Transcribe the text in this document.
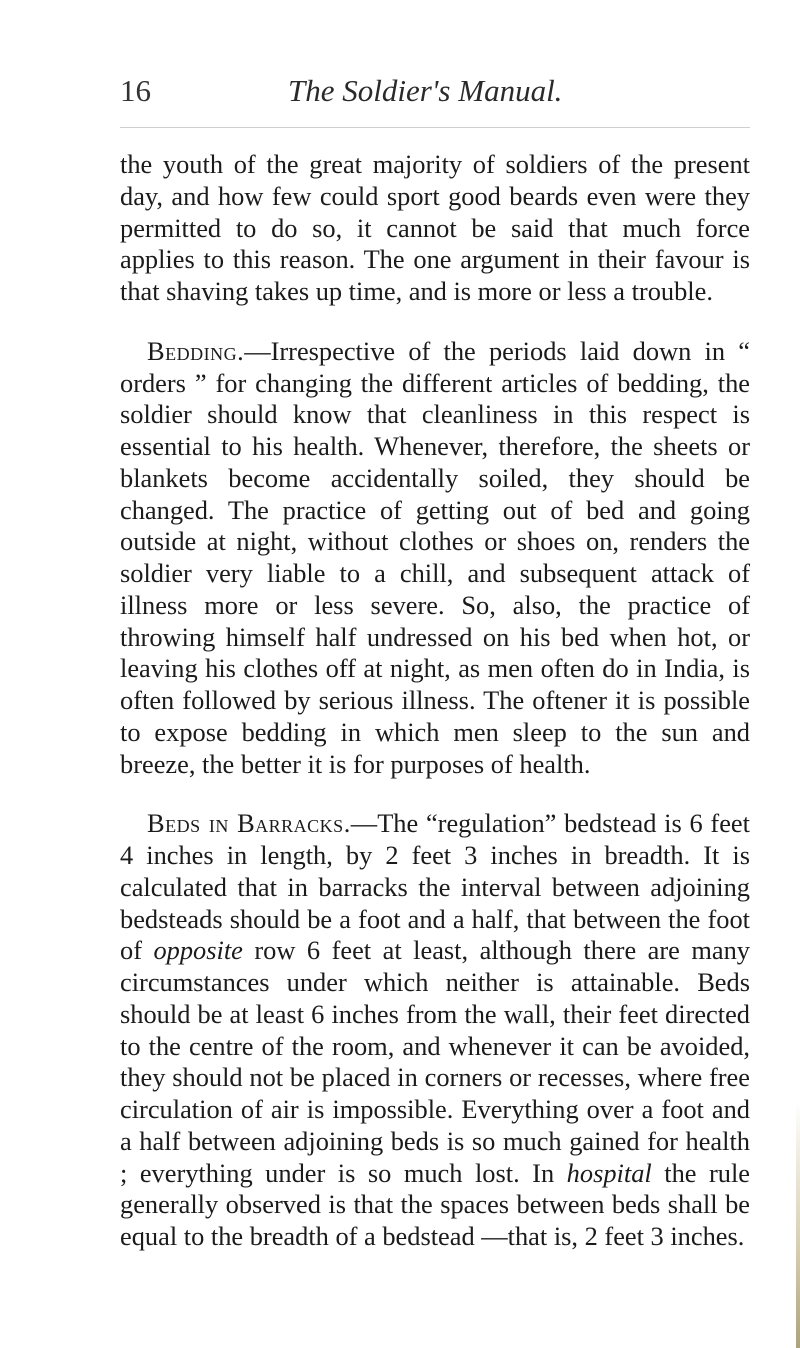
16	The Soldier's Manual.

the youth of the great majority of soldiers of the present day, and how few could sport good beards even were they permitted to do so, it cannot be said that much force applies to this reason. The one argument in their favour is that shaving takes up time, and is more or less a trouble.

Bedding.—Irrespective of the periods laid down in “ orders ” for changing the different articles of bedding, the soldier should know that cleanliness in this respect is essential to his health. Whenever, therefore, the sheets or blankets become accidentally soiled, they should be changed. The practice of getting out of bed and going outside at night, without clothes or shoes on, renders the soldier very liable to a chill, and subsequent attack of illness more or less severe. So, also, the practice of throwing himself half undressed on his bed when hot, or leaving his clothes off at night, as men often do in India, is often followed by serious illness. The oftener it is possible to expose bedding in which men sleep to the sun and breeze, the better it is for purposes of health.

Beds in Barracks.—The “regulation” bedstead is 6 feet 4 inches in length, by 2 feet 3 inches in breadth. It is calculated that in barracks the interval between adjoining bedsteads should be a foot and a half, that between the foot of opposite row 6 feet at least, although there are many circumstances under which neither is attainable. Beds should be at least 6 inches from the wall, their feet directed to the centre of the room, and whenever it can be avoided, they should not be placed in corners or recesses, where free circulation of air is impossible. Everything over a foot and a half between adjoining beds is so much gained for health ; everything under is so much lost. In hospital the rule generally observed is that the spaces between beds shall be equal to the breadth of a bedstead —that is, 2 feet 3 inches.
